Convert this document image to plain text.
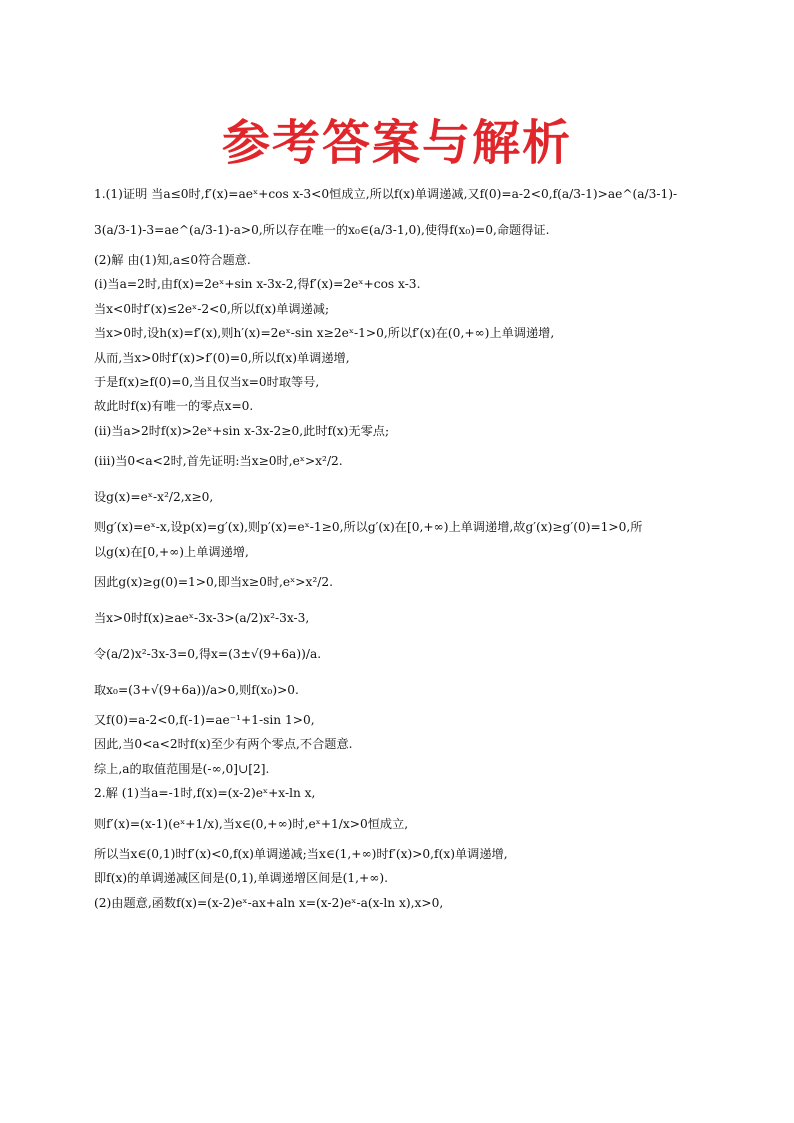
参考答案与解析
1.(1)证明 当a≤0时,f′(x)=aeˣ+cos x-3<0恒成立,所以f(x)单调递减,又f(0)=a-2<0,f(a/3-1)>ae^(a/3-1)-
3(a/3-1)-3=ae^(a/3-1)-a>0,所以存在唯一的x₀∈(a/3-1,0),使得f(x₀)=0,命题得证.
(2)解 由(1)知,a≤0符合题意.
(ⅰ)当a=2时,由f(x)=2eˣ+sin x-3x-2,得f′(x)=2eˣ+cos x-3.
当x<0时f′(x)≤2eˣ-2<0,所以f(x)单调递减;
当x>0时,设h(x)=f′(x),则h′(x)=2eˣ-sin x≥2eˣ-1>0,所以f′(x)在(0,+∞)上单调递增,
从而,当x>0时f′(x)>f′(0)=0,所以f(x)单调递增,
于是f(x)≥f(0)=0,当且仅当x=0时取等号,
故此时f(x)有唯一的零点x=0.
(ⅱ)当a>2时f(x)>2eˣ+sin x-3x-2≥0,此时f(x)无零点;
(ⅲ)当0<a<2时,首先证明:当x≥0时,eˣ>x²/2.
设g(x)=eˣ-x²/2,x≥0,
则g′(x)=eˣ-x,设p(x)=g′(x),则p′(x)=eˣ-1≥0,所以g′(x)在[0,+∞)上单调递增,故g′(x)≥g′(0)=1>0,所
以g(x)在[0,+∞)上单调递增,
因此g(x)≥g(0)=1>0,即当x≥0时,eˣ>x²/2.
当x>0时f(x)≥aeˣ-3x-3>(a/2)x²-3x-3,
令(a/2)x²-3x-3=0,得x=(3±√(9+6a))/a.
取x₀=(3+√(9+6a))/a>0,则f(x₀)>0.
又f(0)=a-2<0,f(-1)=ae⁻¹+1-sin 1>0,
因此,当0<a<2时f(x)至少有两个零点,不合题意.
综上,a的取值范围是(-∞,0]∪[2].
2.解 (1)当a=-1时,f(x)=(x-2)eˣ+x-ln x,
则f′(x)=(x-1)(eˣ+1/x),当x∈(0,+∞)时,eˣ+1/x>0恒成立,
所以当x∈(0,1)时f′(x)<0,f(x)单调递减;当x∈(1,+∞)时f′(x)>0,f(x)单调递增,
即f(x)的单调递减区间是(0,1),单调递增区间是(1,+∞).
(2)由题意,函数f(x)=(x-2)eˣ-ax+aln x=(x-2)eˣ-a(x-ln x),x>0,
